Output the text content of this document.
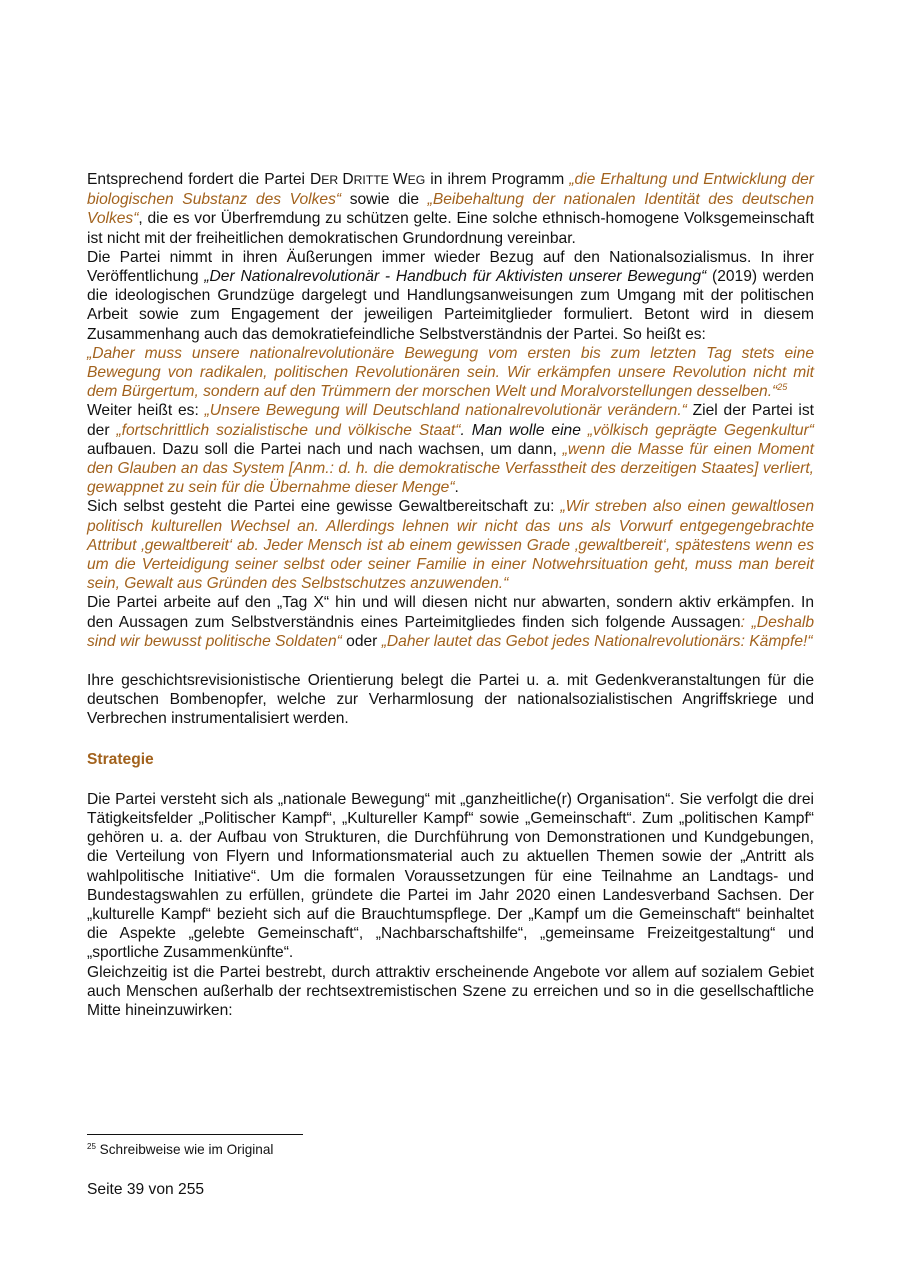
Entsprechend fordert die Partei DER DRITTE WEG in ihrem Programm „die Erhaltung und Entwicklung der biologischen Substanz des Volkes“ sowie die „Beibehaltung der nationalen Identität des deutschen Volkes“, die es vor Überfremdung zu schützen gelte. Eine solche ethnisch-homogene Volksgemeinschaft ist nicht mit der freiheitlichen demokratischen Grundordnung vereinbar.

Die Partei nimmt in ihren Äußerungen immer wieder Bezug auf den Nationalsozialismus. In ihrer Veröffentlichung „Der Nationalrevolutionär - Handbuch für Aktivisten unserer Bewegung“ (2019) werden die ideologischen Grundzüge dargelegt und Handlungsanweisungen zum Umgang mit der politischen Arbeit sowie zum Engagement der jeweiligen Parteimitglieder formuliert. Betont wird in diesem Zusammenhang auch das demokratiefeindliche Selbstverständnis der Partei. So heißt es:

„Daher muss unsere nationalrevolutionäre Bewegung vom ersten bis zum letzten Tag stets eine Bewegung von radikalen, politischen Revolutionären sein. Wir erkämpfen unsere Revolution nicht mit dem Bürgertum, sondern auf den Trümmern der morschen Welt und Moralvorstellungen desselben.“$^{25}$

Weiter heißt es: „Unsere Bewegung will Deutschland nationalrevolutionär verändern.“ Ziel der Partei ist der „fortschrittlich sozialistische und völkische Staat“. Man wolle eine „völkisch geprägte Gegenkultur“ aufbauen. Dazu soll die Partei nach und nach wachsen, um dann, „wenn die Masse für einen Moment den Glauben an das System [Anm.: d. h. die demokratische Verfasstheit des derzeitigen Staates] verliert, gewappnet zu sein für die Übernahme dieser Menge“.

Sich selbst gesteht die Partei eine gewisse Gewaltbereitschaft zu: „Wir streben also einen gewaltlosen politisch kulturellen Wechsel an. Allerdings lehnen wir nicht das uns als Vorwurf entgegengebrachte Attribut ‚gewaltbereit‘ ab. Jeder Mensch ist ab einem gewissen Grade ‚gewaltbereit‘, spätestens wenn es um die Verteidigung seiner selbst oder seiner Familie in einer Notwehrsituation geht, muss man bereit sein, Gewalt aus Gründen des Selbstschutzes anzuwenden.“

Die Partei arbeite auf den „Tag X“ hin und will diesen nicht nur abwarten, sondern aktiv erkämpfen. In den Aussagen zum Selbstverständnis eines Parteimitgliedes finden sich folgende Aussagen: „Deshalb sind wir bewusst politische Soldaten“ oder „Daher lautet das Gebot jedes Nationalrevolutionärs: Kämpfe!“

Ihre geschichtsrevisionistische Orientierung belegt die Partei u. a. mit Gedenkveranstaltungen für die deutschen Bombenopfer, welche zur Verharmlosung der nationalsozialistischen Angriffskriege und Verbrechen instrumentalisiert werden.

Strategie

Die Partei versteht sich als „nationale Bewegung“ mit „ganzheitliche(r) Organisation“. Sie verfolgt die drei Tätigkeitsfelder „Politischer Kampf“, „Kultureller Kampf“ sowie „Gemeinschaft“. Zum „politischen Kampf“ gehören u. a. der Aufbau von Strukturen, die Durchführung von Demonstrationen und Kundgebungen, die Verteilung von Flyern und Informationsmaterial auch zu aktuellen Themen sowie der „Antritt als wahlpolitische Initiative“. Um die formalen Voraussetzungen für eine Teilnahme an Landtags- und Bundestagswahlen zu erfüllen, gründete die Partei im Jahr 2020 einen Landesverband Sachsen. Der „kulturelle Kampf“ bezieht sich auf die Brauchtumspflege. Der „Kampf um die Gemeinschaft“ beinhaltet die Aspekte „gelebte Gemeinschaft“, „Nachbarschaftshilfe“, „gemeinsame Freizeitgestaltung“ und „sportliche Zusammenkünfte“.

Gleichzeitig ist die Partei bestrebt, durch attraktiv erscheinende Angebote vor allem auf sozialem Gebiet auch Menschen außerhalb der rechtsextremistischen Szene zu erreichen und so in die gesellschaftliche Mitte hineinzuwirken:

$^{25}$ Schreibweise wie im Original
Seite 39 von 255
